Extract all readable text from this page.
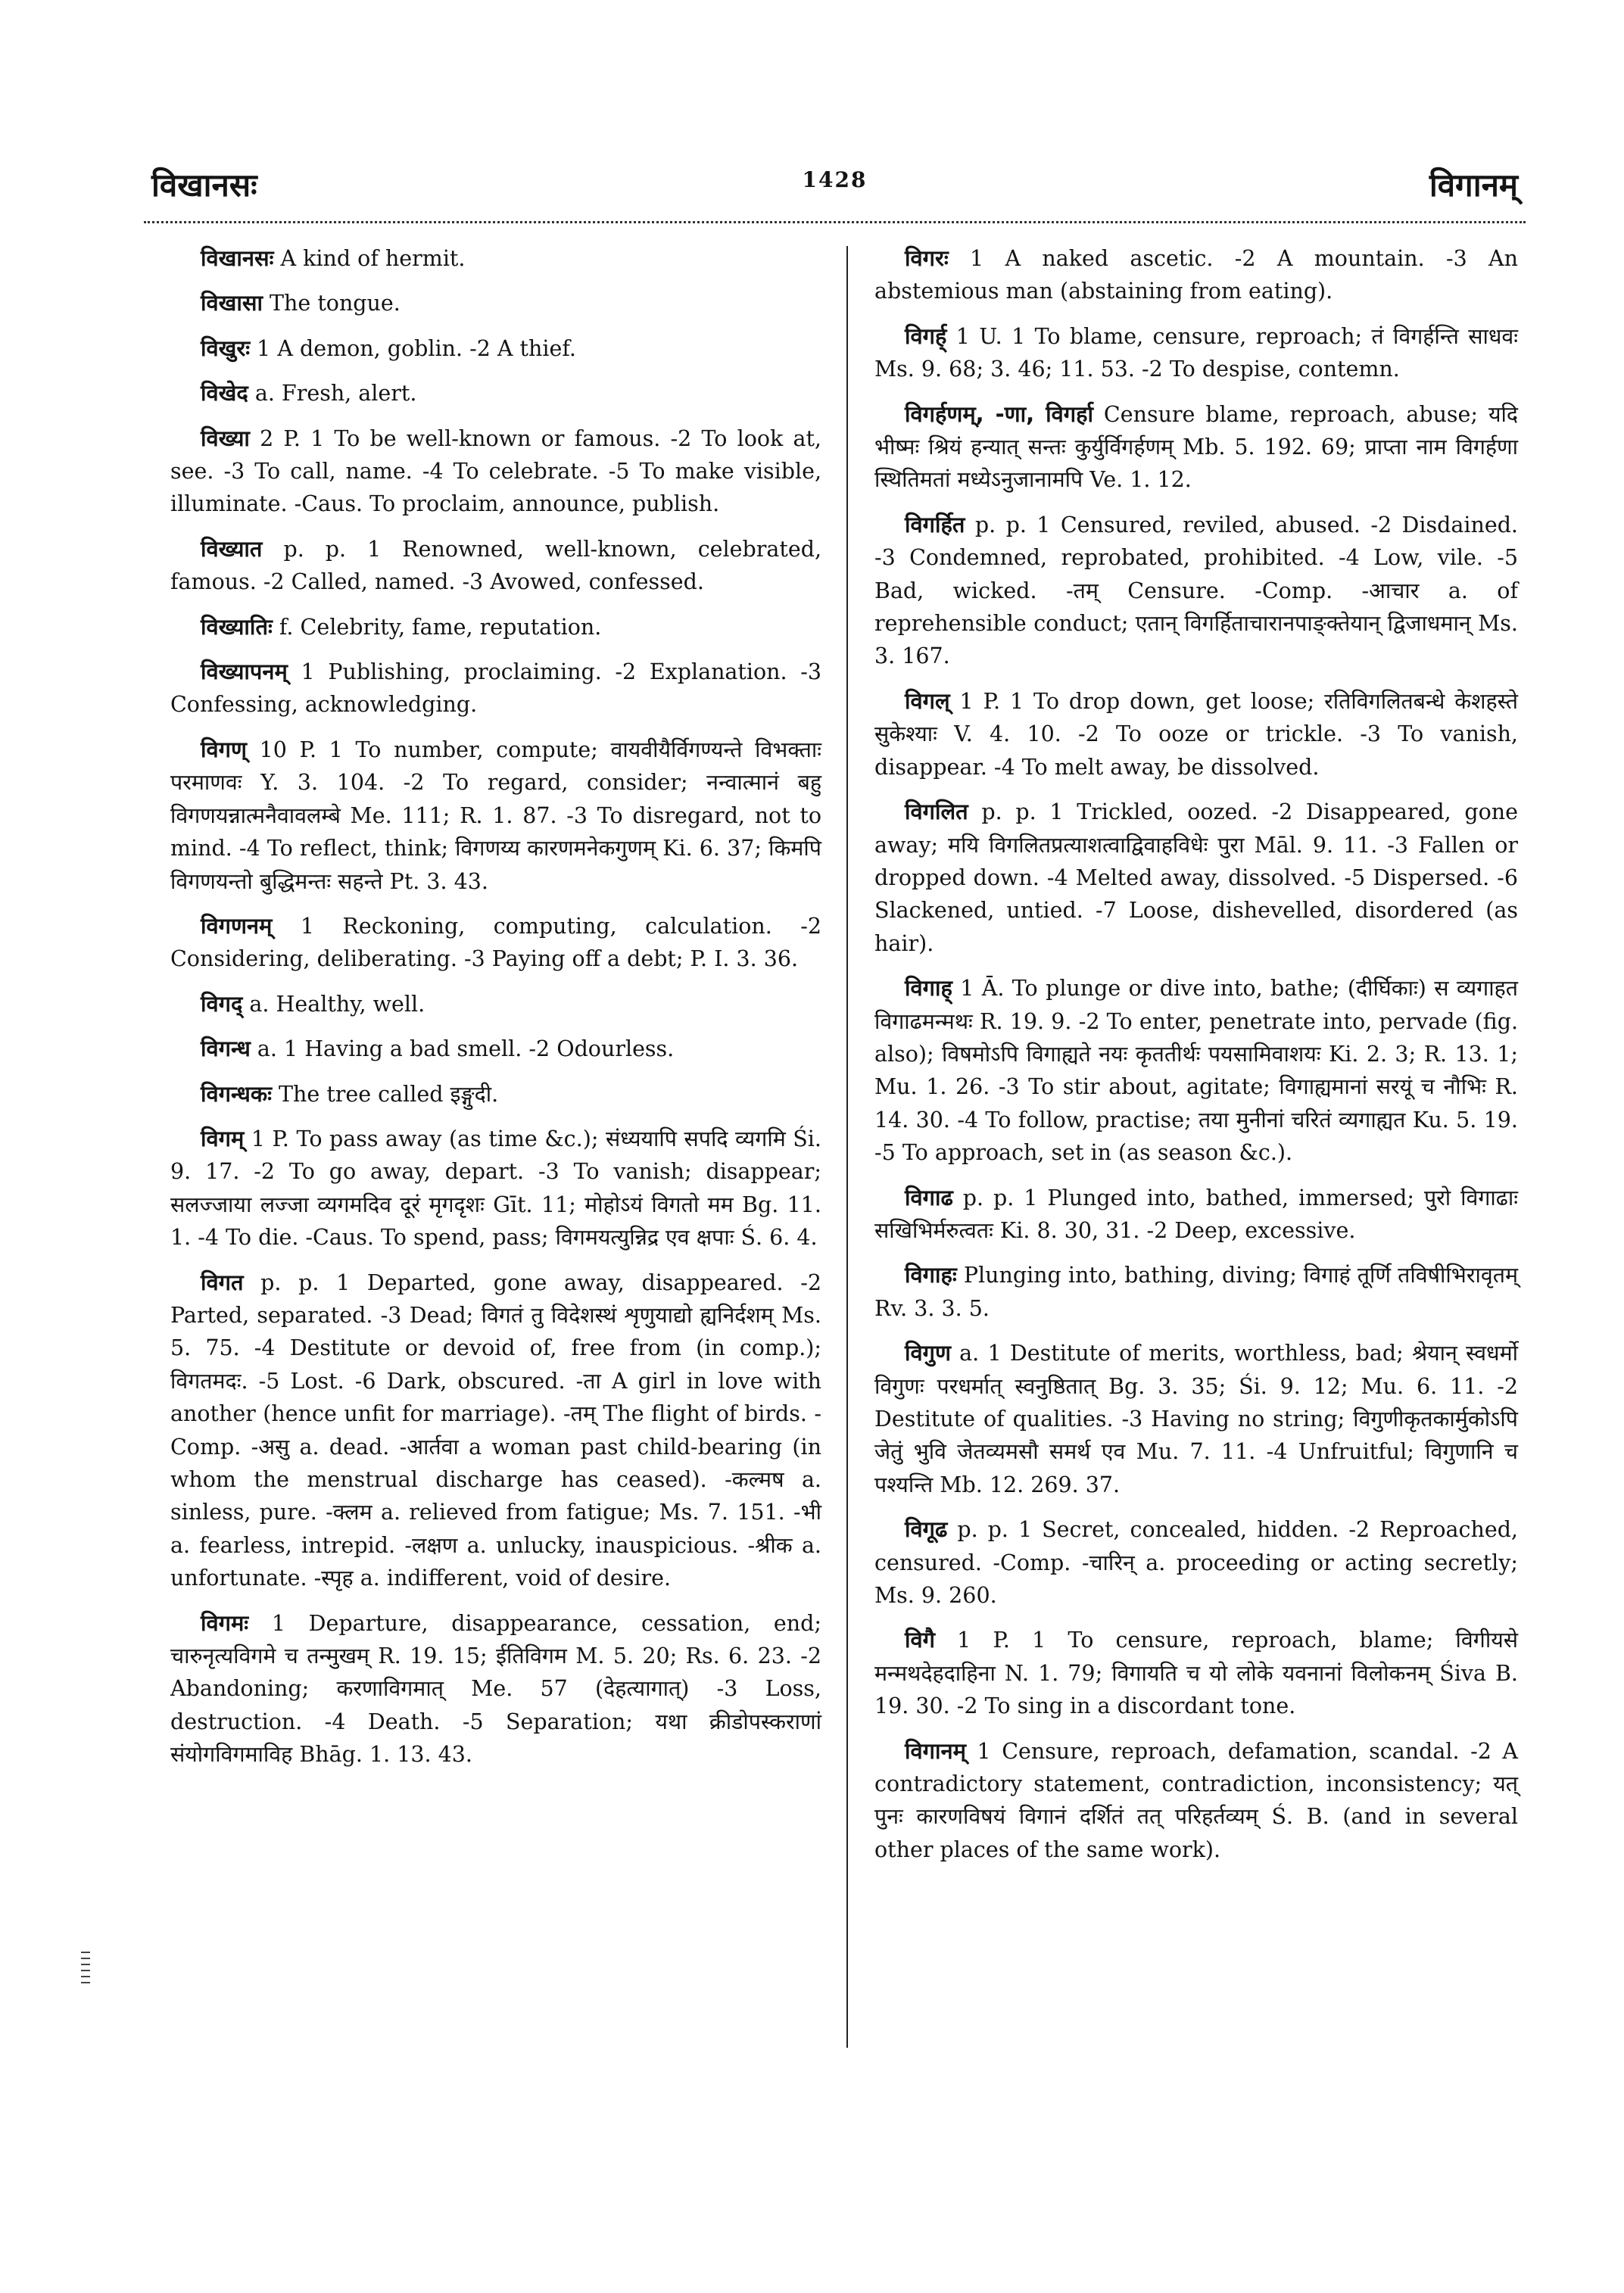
विखानसः	1428	विगानम्

विखानसः A kind of hermit.

विखासा The tongue.

विखुरः 1 A demon, goblin. -2 A thief.

विखेद a. Fresh, alert.

विख्या 2 P. 1 To be well-known or famous. -2 To look at, see. -3 To call, name. -4 To celebrate. -5 To make visible, illuminate. -Caus. To proclaim, announce, publish.

विख्यात p. p. 1 Renowned, well-known, celebrated, famous. -2 Called, named. -3 Avowed, confessed.

विख्यातिः f. Celebrity, fame, reputation.

विख्यापनम् 1 Publishing, proclaiming. -2 Explanation. -3 Confessing, acknowledging.

विगण् 10 P. 1 To number, compute; वायवीयैर्विगण्यन्ते विभक्ताः परमाणवः Y. 3. 104. -2 To regard, consider; नन्वात्मानं बहु विगणयन्नात्मनैवावलम्बे Me. 111; R. 1. 87. -3 To disregard, not to mind. -4 To reflect, think; विगणय्य कारणमनेकगुणम् Ki. 6. 37; किमपि विगणयन्तो बुद्धिमन्तः सहन्ते Pt. 3. 43.

विगणनम् 1 Reckoning, computing, calculation. -2 Considering, deliberating. -3 Paying off a debt; P. I. 3. 36.

विगद् a. Healthy, well.

विगन्ध a. 1 Having a bad smell. -2 Odourless.

विगन्धकः The tree called इङ्गुदी.

विगम् 1 P. To pass away (as time &c.); संध्ययापि सपदि व्यगमि Śi. 9. 17. -2 To go away, depart. -3 To vanish; disappear; सलज्जाया लज्जा व्यगमदिव दूरं मृगदृशः Gīt. 11; मोहोऽयं विगतो मम Bg. 11. 1. -4 To die. -Caus. To spend, pass; विगमयत्युन्निद्र एव क्षपाः Ś. 6. 4.

विगत p. p. 1 Departed, gone away, disappeared. -2 Parted, separated. -3 Dead; विगतं तु विदेशस्थं शृणुयाद्यो ह्यनिर्दशम् Ms. 5. 75. -4 Destitute or devoid of, free from (in comp.); विगतमदः. -5 Lost. -6 Dark, obscured. -ता A girl in love with another (hence unfit for marriage). -तम् The flight of birds. -Comp. -असु a. dead. -आर्तवा a woman past child-bearing (in whom the menstrual discharge has ceased). -कल्मष a. sinless, pure. -क्लम a. relieved from fatigue; Ms. 7. 151. -भी a. fearless, intrepid. -लक्षण a. unlucky, inauspicious. -श्रीक a. unfortunate. -स्पृह a. indifferent, void of desire.

विगमः 1 Departure, disappearance, cessation, end; चारुनृत्यविगमे च तन्मुखम् R. 19. 15; ईतिविगम M. 5. 20; Rs. 6. 23. -2 Abandoning; करणाविगमात् Me. 57 (देहत्यागात्) -3 Loss, destruction. -4 Death. -5 Separation; यथा क्रीडोपस्कराणां संयोगविगमाविह Bhāg. 1. 13. 43.

विगरः 1 A naked ascetic. -2 A mountain. -3 An abstemious man (abstaining from eating).

विगर्ह् 1 U. 1 To blame, censure, reproach; तं विगर्हन्ति साधवः Ms. 9. 68; 3. 46; 11. 53. -2 To despise, contemn.

विगर्हणम्, -णा, विगर्हा Censure blame, reproach, abuse; यदि भीष्मः श्रियं हन्यात् सन्तः कुर्युर्विगर्हणम् Mb. 5. 192. 69; प्राप्ता नाम विगर्हणा स्थितिमतां मध्येऽनुजानामपि Ve. 1. 12.

विगर्हित p. p. 1 Censured, reviled, abused. -2 Disdained. -3 Condemned, reprobated, prohibited. -4 Low, vile. -5 Bad, wicked. -तम् Censure. -Comp. -आचार a. of reprehensible conduct; एतान् विगर्हिताचारानपाङ्क्तेयान् द्विजाधमान् Ms. 3. 167.

विगल् 1 P. 1 To drop down, get loose; रतिविगलितबन्धे केशहस्ते सुकेश्याः V. 4. 10. -2 To ooze or trickle. -3 To vanish, disappear. -4 To melt away, be dissolved.

विगलित p. p. 1 Trickled, oozed. -2 Disappeared, gone away; मयि विगलितप्रत्याशत्वाद्विवाहविधेः पुरा Māl. 9. 11. -3 Fallen or dropped down. -4 Melted away, dissolved. -5 Dispersed. -6 Slackened, untied. -7 Loose, dishevelled, disordered (as hair).

विगाह् 1 Ā. To plunge or dive into, bathe; (दीर्घिकाः) स व्यगाहत विगाढमन्मथः R. 19. 9. -2 To enter, penetrate into, pervade (fig. also); विषमोऽपि विगाह्यते नयः कृततीर्थः पयसामिवाशयः Ki. 2. 3; R. 13. 1; Mu. 1. 26. -3 To stir about, agitate; विगाह्यमानां सरयूं च नौभिः R. 14. 30. -4 To follow, practise; तया मुनीनां चरितं व्यगाह्यत Ku. 5. 19. -5 To approach, set in (as season &c.).

विगाढ p. p. 1 Plunged into, bathed, immersed; पुरो विगाढाः सखिभिर्मरुत्वतः Ki. 8. 30, 31. -2 Deep, excessive.

विगाहः Plunging into, bathing, diving; विगाहं तूर्णि तविषीभिरावृतम् Rv. 3. 3. 5.

विगुण a. 1 Destitute of merits, worthless, bad; श्रेयान् स्वधर्मो विगुणः परधर्मात् स्वनुष्ठितात् Bg. 3. 35; Śi. 9. 12; Mu. 6. 11. -2 Destitute of qualities. -3 Having no string; विगुणीकृतकार्मुकोऽपि जेतुं भुवि जेतव्यमसौ समर्थ एव Mu. 7. 11. -4 Unfruitful; विगुणानि च पश्यन्ति Mb. 12. 269. 37.

विगूढ p. p. 1 Secret, concealed, hidden. -2 Reproached, censured. -Comp. -चारिन् a. proceeding or acting secretly; Ms. 9. 260.

विगै 1 P. 1 To censure, reproach, blame; विगीयसे मन्मथदेहदाहिना N. 1. 79; विगायति च यो लोके यवनानां विलोकनम् Śiva B. 19. 30. -2 To sing in a discordant tone.

विगानम् 1 Censure, reproach, defamation, scandal. -2 A contradictory statement, contradiction, inconsistency; यत् पुनः कारणविषयं विगानं दर्शितं तत् परिहर्तव्यम् Ś. B. (and in several other places of the same work).
